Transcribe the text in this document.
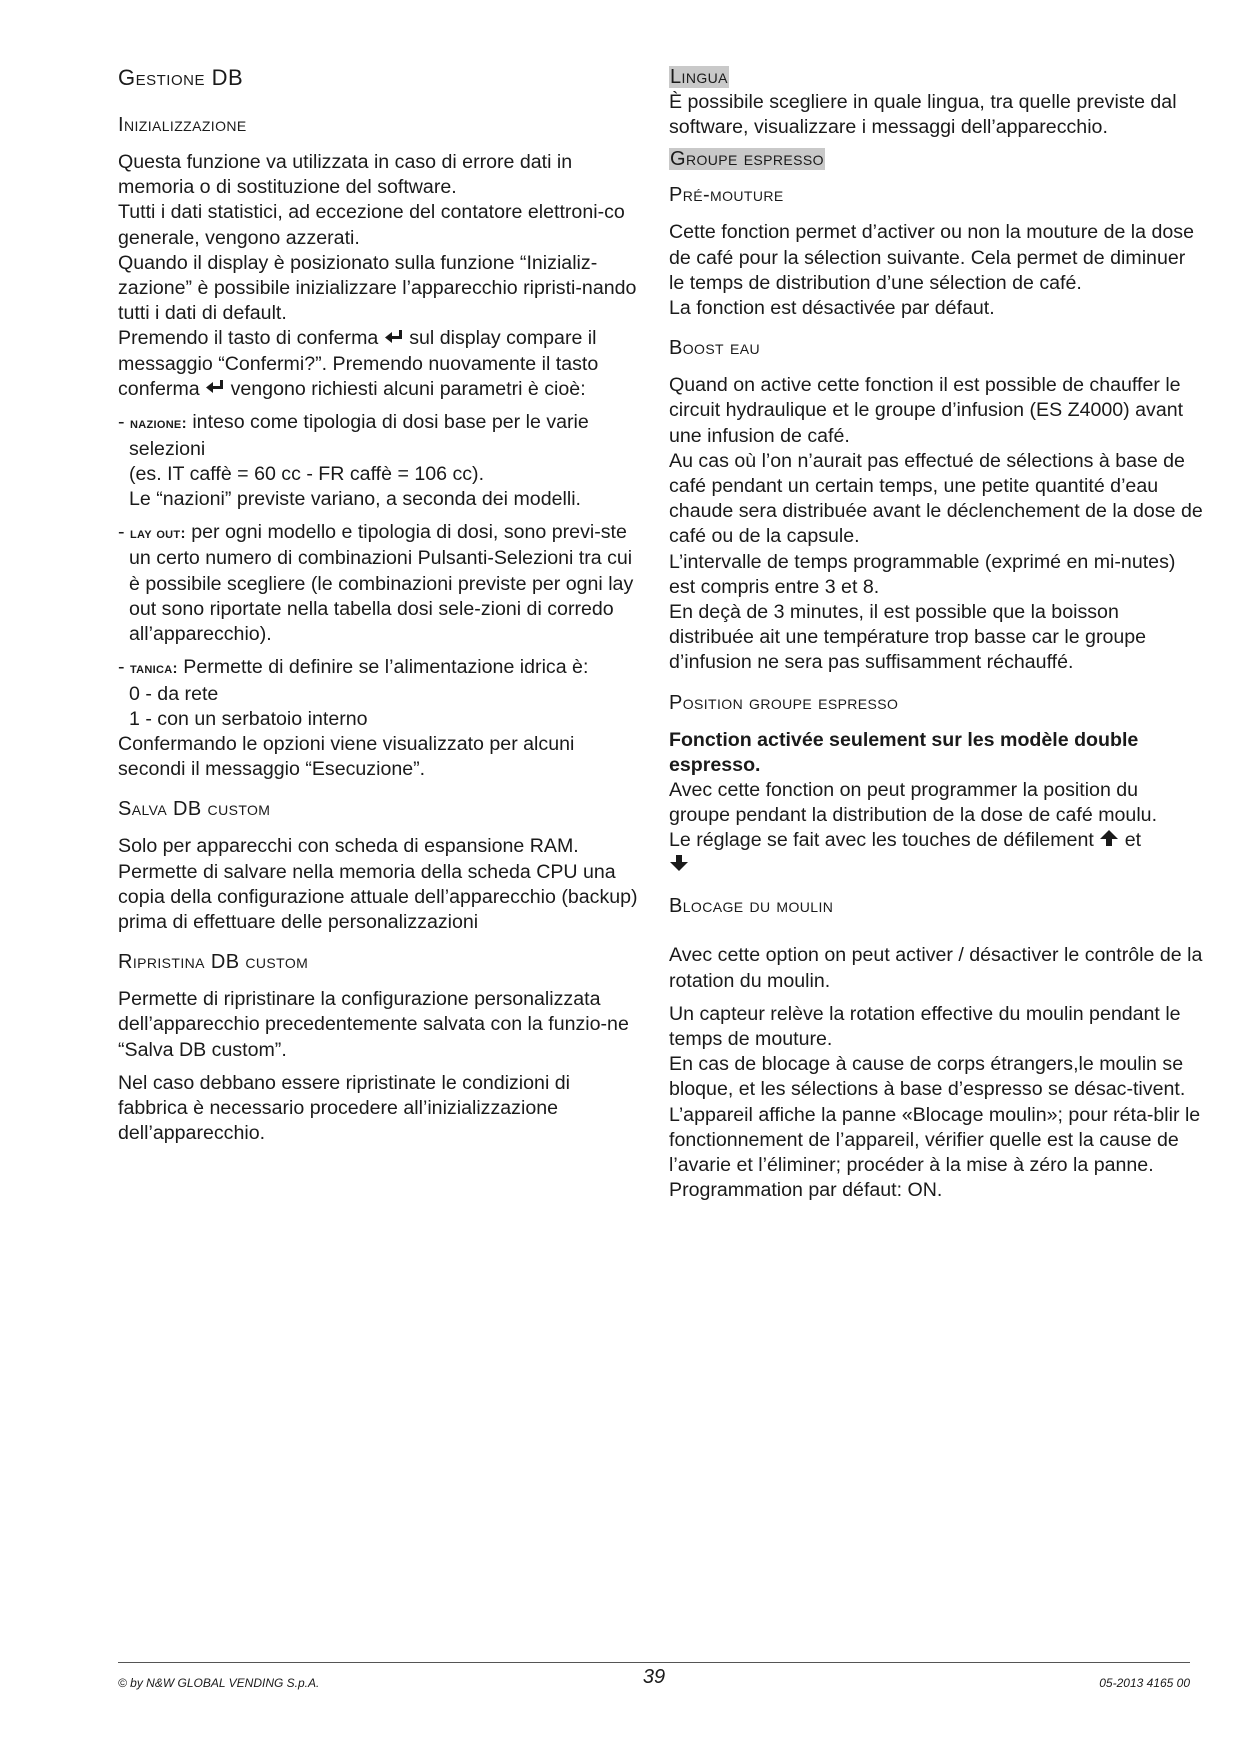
Gestione DB
Inizializzazione

Questa funzione va utilizzata in caso di errore dati in memoria o di sostituzione del software.

Tutti i dati statistici, ad eccezione del contatore elettroni-co generale, vengono azzerati.

Quando il display è posizionato sulla funzione “Inizializ-zazione” è possibile inizializzare l’apparecchio ripristi-nando tutti i dati di default.

Premendo il tasto di conferma sul display compare il messaggio “Confermi?”. Premendo nuovamente il tasto conferma vengono richiesti alcuni parametri è cioè:

- nazione: inteso come tipologia di dosi base per le varie selezioni
(es. IT caffè = 60 cc - FR caffè = 106 cc).
Le “nazioni” previste variano, a seconda dei modelli.
- lay out: per ogni modello e tipologia di dosi, sono previ-ste un certo numero di combinazioni Pulsanti-Selezioni tra cui è possibile scegliere (le combinazioni previste per ogni lay out sono riportate nella tabella dosi sele-zioni di corredo all’apparecchio).
- tanica: Permette di definire se l’alimentazione idrica è:
0 - da rete
1 - con un serbatoio interno

Confermando le opzioni viene visualizzato per alcuni secondi il messaggio “Esecuzione”.

Salva DB custom

Solo per apparecchi con scheda di espansione RAM. Permette di salvare nella memoria della scheda CPU una copia della configurazione attuale dell’apparecchio (backup) prima di effettuare delle personalizzazioni

Ripristina DB custom

Permette di ripristinare la configurazione personalizzata dell’apparecchio precedentemente salvata con la funzio-ne “Salva DB custom”.

Nel caso debbano essere ripristinate le condizioni di fabbrica è necessario procedere all’inizializzazione dell’apparecchio.

Lingua

È possibile scegliere in quale lingua, tra quelle previste dal software, visualizzare i messaggi dell’apparecchio.

Groupe espresso
Pré-mouture

Cette fonction permet d’activer ou non la mouture de la dose de café pour la sélection suivante. Cela permet de diminuer le temps de distribution d’une sélection de café.

La fonction est désactivée par défaut.

Boost eau

Quand on active cette fonction il est possible de chauffer le circuit hydraulique et le groupe d’infusion (ES Z4000) avant une infusion de café.

Au cas où l’on n’aurait pas effectué de sélections à base de café pendant un certain temps, une petite quantité d’eau chaude sera distribuée avant le déclenchement de la dose de café ou de la capsule.

L’intervalle de temps programmable (exprimé en mi-nutes) est compris entre 3 et 8.

En deçà de 3 minutes, il est possible que la boisson distribuée ait une température trop basse car le groupe d’infusion ne sera pas suffisamment réchauffé.

Position groupe espresso

Fonction activée seulement sur les modèle double espresso.

Avec cette fonction on peut programmer la position du groupe pendant la distribution de la dose de café moulu.

Le réglage se fait avec les touches de défilement et

Blocage du moulin

Avec cette option on peut activer / désactiver le contrôle de la rotation du moulin.

Un capteur relève la rotation effective du moulin pendant le temps de mouture.

En cas de blocage à cause de corps étrangers,le moulin se bloque, et les sélections à base d’espresso se désac-tivent.

L’appareil affiche la panne «Blocage moulin»; pour réta-blir le fonctionnement de l’appareil, vérifier quelle est la cause de l’avarie et l’éliminer; procéder à la mise à zéro la panne.

Programmation par défaut: ON.

© by N&W GLOBAL VENDING S.p.A.	39	05-2013 4165 00
